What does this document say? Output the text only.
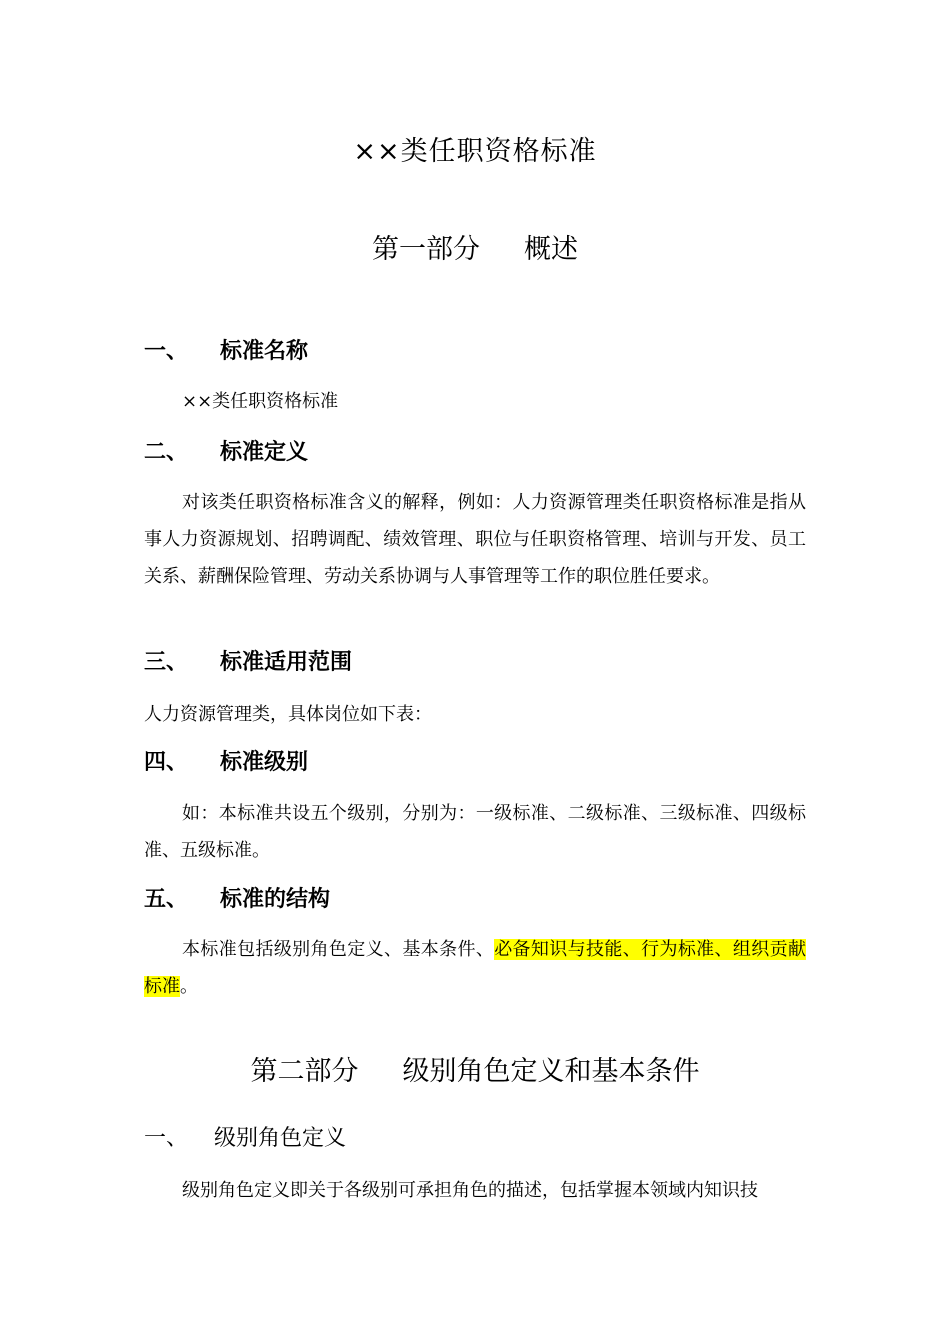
××类任职资格标准
第一部分 概述
一、 标准名称
××类任职资格标准
二、 标准定义
对该类任职资格标准含义的解释，例如：人力资源管理类任职资格标准是指从事人力资源规划、招聘调配、绩效管理、职位与任职资格管理、培训与开发、员工关系、薪酬保险管理、劳动关系协调与人事管理等工作的职位胜任要求。
三、 标准适用范围
人力资源管理类，具体岗位如下表：
四、 标准级别
如：本标准共设五个级别，分别为：一级标准、二级标准、三级标准、四级标准、五级标准。
五、 标准的结构
本标准包括级别角色定义、基本条件、必备知识与技能、行为标准、组织贡献标准。
第二部分 级别角色定义和基本条件
一、 级别角色定义
级别角色定义即关于各级别可承担角色的描述，包括掌握本领域内知识技
